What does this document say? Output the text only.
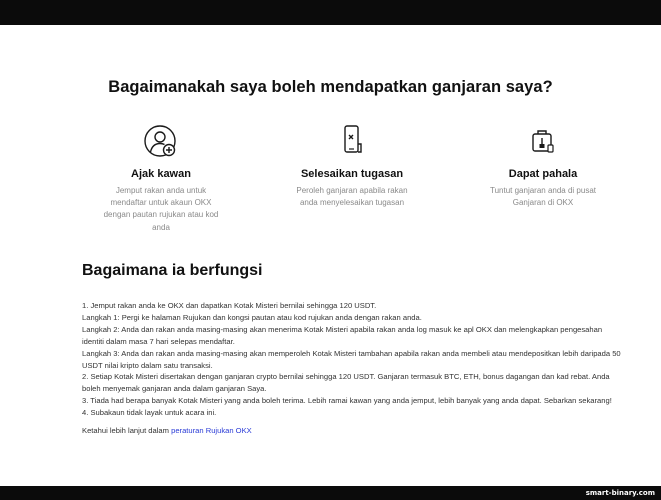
Bagaimanakah saya boleh mendapatkan ganjaran saya?
Ajak kawan
Jemput rakan anda untuk mendaftar untuk akaun OKX dengan pautan rujukan atau kod anda
Selesaikan tugasan
Peroleh ganjaran apabila rakan anda menyelesaikan tugasan
Dapat pahala
Tuntut ganjaran anda di pusat Ganjaran di OKX
Bagaimana ia berfungsi

1. Jemput rakan anda ke OKX dan dapatkan Kotak Misteri bernilai sehingga 120 USDT.

Langkah 1: Pergi ke halaman Rujukan dan kongsi pautan atau kod rujukan anda dengan rakan anda.

Langkah 2: Anda dan rakan anda masing-masing akan menerima Kotak Misteri apabila rakan anda log masuk ke apl OKX dan melengkapkan pengesahan identiti dalam masa 7 hari selepas mendaftar.

Langkah 3: Anda dan rakan anda masing-masing akan memperoleh Kotak Misteri tambahan apabila rakan anda membeli atau mendepositkan lebih daripada 50 USDT nilai kripto dalam satu transaksi.

2. Setiap Kotak Misteri disertakan dengan ganjaran crypto bernilai sehingga 120 USDT. Ganjaran termasuk BTC, ETH, bonus dagangan dan kad rebat. Anda boleh menyemak ganjaran anda dalam ganjaran Saya.

3. Tiada had berapa banyak Kotak Misteri yang anda boleh terima. Lebih ramai kawan yang anda jemput, lebih banyak yang anda dapat. Sebarkan sekarang!

4. Subakaun tidak layak untuk acara ini.

Ketahui lebih lanjut dalam peraturan Rujukan OKX
smart-binary.com
